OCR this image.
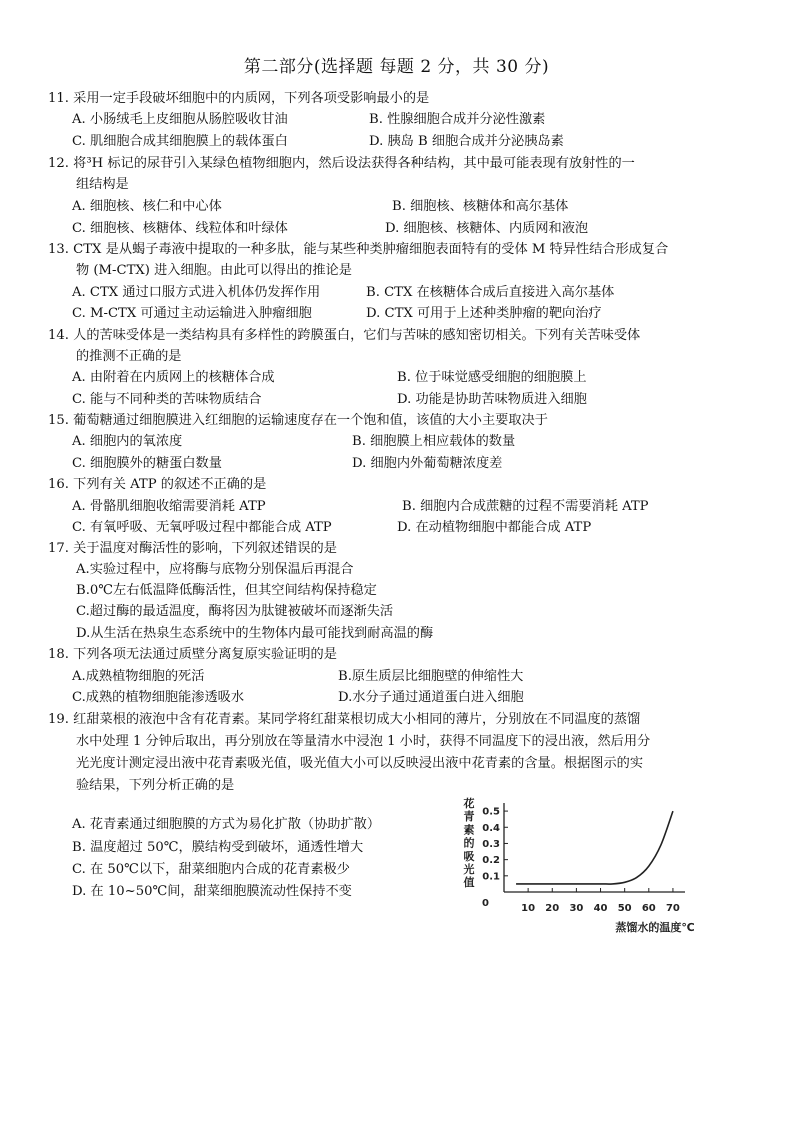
第二部分(选择题 每题 2 分，共 30 分)
11. 采用一定手段破坏细胞中的内质网，下列各项受影响最小的是
A. 小肠绒毛上皮细胞从肠腔吸收甘油	B. 性腺细胞合成并分泌性激素
C. 肌细胞合成其细胞膜上的载体蛋白	D. 胰岛 B 细胞合成并分泌胰岛素
12. 将³H 标记的尿苷引入某绿色植物细胞内，然后设法获得各种结构，其中最可能表现有放射性的一
组结构是
A. 细胞核、核仁和中心体	B. 细胞核、核糖体和高尔基体
C. 细胞核、核糖体、线粒体和叶绿体	D. 细胞核、核糖体、内质网和液泡
13. CTX 是从蝎子毒液中提取的一种多肽，能与某些种类肿瘤细胞表面特有的受体 M 特异性结合形成复合
物 (M-CTX) 进入细胞。由此可以得出的推论是
A. CTX 通过口服方式进入机体仍发挥作用	B. CTX 在核糖体合成后直接进入高尔基体
C. M-CTX 可通过主动运输进入肿瘤细胞	D. CTX 可用于上述种类肿瘤的靶向治疗
14. 人的苦味受体是一类结构具有多样性的跨膜蛋白，它们与苦味的感知密切相关。下列有关苦味受体
的推测不正确的是
A. 由附着在内质网上的核糖体合成	B. 位于味觉感受细胞的细胞膜上
C. 能与不同种类的苦味物质结合	D. 功能是协助苦味物质进入细胞
15. 葡萄糖通过细胞膜进入红细胞的运输速度存在一个饱和值，该值的大小主要取决于
A. 细胞内的氧浓度	B. 细胞膜上相应载体的数量
C. 细胞膜外的糖蛋白数量	D. 细胞内外葡萄糖浓度差
16. 下列有关 ATP 的叙述不正确的是
A. 骨骼肌细胞收缩需要消耗 ATP	B. 细胞内合成蔗糖的过程不需要消耗 ATP
C. 有氧呼吸、无氧呼吸过程中都能合成 ATP	D. 在动植物细胞中都能合成 ATP
17. 关于温度对酶活性的影响，下列叙述错误的是
A.实验过程中，应将酶与底物分别保温后再混合
B.0℃左右低温降低酶活性，但其空间结构保持稳定
C.超过酶的最适温度，酶将因为肽键被破坏而逐渐失活
D.从生活在热泉生态系统中的生物体内最可能找到耐高温的酶
18. 下列各项无法通过质壁分离复原实验证明的是
A.成熟植物细胞的死活	B.原生质层比细胞壁的伸缩性大
C.成熟的植物细胞能渗透吸水	D.水分子通过通道蛋白进入细胞
19. 红甜菜根的液泡中含有花青素。某同学将红甜菜根切成大小相同的薄片，分别放在不同温度的蒸馏
水中处理 1 分钟后取出，再分别放在等量清水中浸泡 1 小时，获得不同温度下的浸出液，然后用分
光光度计测定浸出液中花青素吸光值，吸光值大小可以反映浸出液中花青素的含量。根据图示的实
验结果，下列分析正确的是
A. 花青素通过细胞膜的方式为易化扩散（协助扩散）
B. 温度超过 50℃，膜结构受到破坏，通透性增大
C. 在 50℃以下，甜菜细胞内合成的花青素极少
D. 在 10~50℃间，甜菜细胞膜流动性保持不变
花
青
素
的
吸
光
值 0.1
0.2
0.3
0.4
0.5
10 20 30 40 50 60 70
0
蒸馏水的温度℃
